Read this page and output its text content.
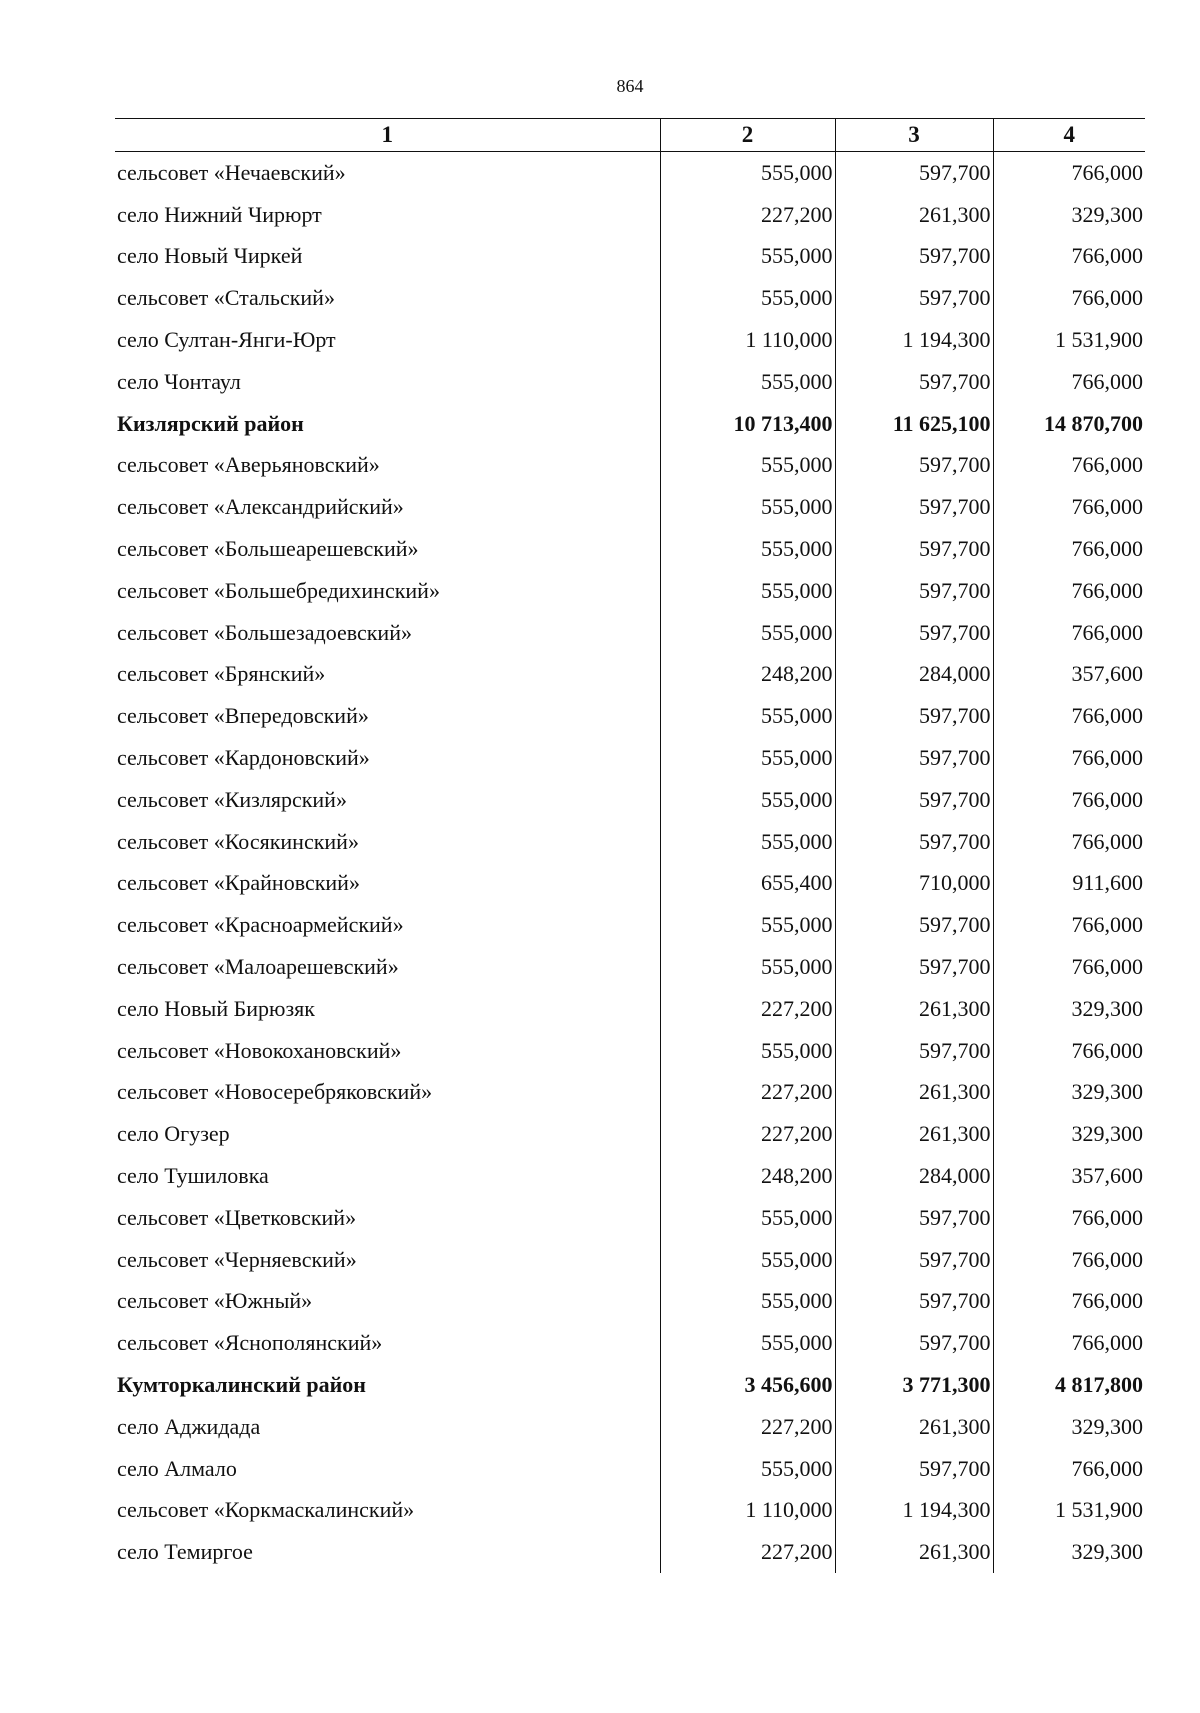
864
1	2	3	4
сельсовет «Нечаевский»	555,000	597,700	766,000
село Нижний Чирюрт	227,200	261,300	329,300
село Новый Чиркей	555,000	597,700	766,000
сельсовет «Стальский»	555,000	597,700	766,000
село Султан-Янги-Юрт	1 110,000	1 194,300	1 531,900
село Чонтаул	555,000	597,700	766,000
Кизлярский район	10 713,400	11 625,100	14 870,700
сельсовет «Аверьяновский»	555,000	597,700	766,000
сельсовет «Александрийский»	555,000	597,700	766,000
сельсовет «Большеарешевский»	555,000	597,700	766,000
сельсовет «Большебредихинский»	555,000	597,700	766,000
сельсовет «Большезадоевский»	555,000	597,700	766,000
сельсовет «Брянский»	248,200	284,000	357,600
сельсовет «Впередовский»	555,000	597,700	766,000
сельсовет «Кардоновский»	555,000	597,700	766,000
сельсовет «Кизлярский»	555,000	597,700	766,000
сельсовет «Косякинский»	555,000	597,700	766,000
сельсовет «Крайновский»	655,400	710,000	911,600
сельсовет «Красноармейский»	555,000	597,700	766,000
сельсовет «Малоарешевский»	555,000	597,700	766,000
село Новый Бирюзяк	227,200	261,300	329,300
сельсовет «Новокохановский»	555,000	597,700	766,000
сельсовет «Новосеребряковский»	227,200	261,300	329,300
село Огузер	227,200	261,300	329,300
село Тушиловка	248,200	284,000	357,600
сельсовет «Цветковский»	555,000	597,700	766,000
сельсовет «Черняевский»	555,000	597,700	766,000
сельсовет «Южный»	555,000	597,700	766,000
сельсовет «Яснополянский»	555,000	597,700	766,000
Кумторкалинский район	3 456,600	3 771,300	4 817,800
село Аджидада	227,200	261,300	329,300
село Алмало	555,000	597,700	766,000
сельсовет «Коркмаскалинский»	1 110,000	1 194,300	1 531,900
село Темиргое	227,200	261,300	329,300
